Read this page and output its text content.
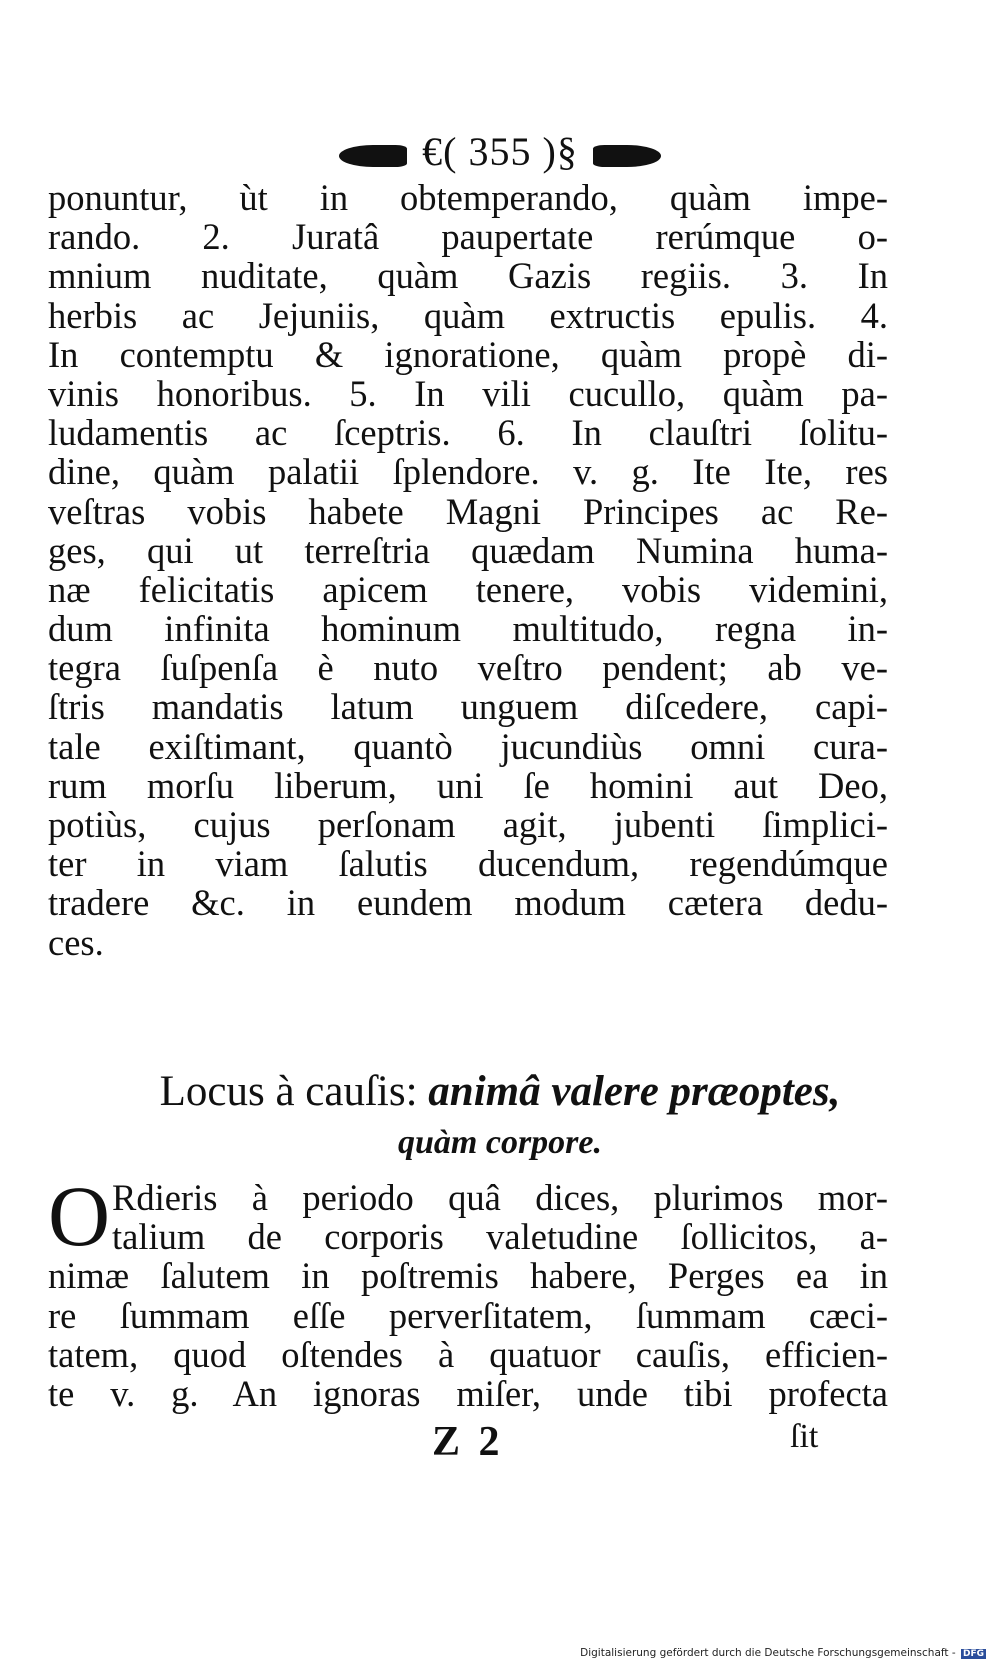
€( 355 )§
ponuntur, ùt in obtemperando, quàm impe-
rando. 2. Juratâ paupertate rerúmque o-
mnium nuditate, quàm Gazis regiis. 3. In
herbis ac Jejuniis, quàm extructis epulis. 4.
In contemptu & ignoratione, quàm propè di-
vinis honoribus. 5. In vili cucullo, quàm pa-
ludamentis ac ſceptris. 6. In clauſtri ſolitu-
dine, quàm palatii ſplendore. v. g. Ite Ite, res
veſtras vobis habete Magni Principes ac Re-
ges, qui ut terreſtria quædam Numina huma-
næ felicitatis apicem tenere, vobis videmini,
dum infinita hominum multitudo, regna in-
tegra ſuſpenſa è nuto veſtro pendent; ab ve-
ſtris mandatis latum unguem diſcedere, capi-
tale exiſtimant, quantò jucundiùs omni cura-
rum morſu liberum, uni ſe homini aut Deo,
potiùs, cujus perſonam agit, jubenti ſimplici-
ter in viam ſalutis ducendum, regendúmque
tradere &c. in eundem modum cætera dedu-
ces.
Locus à cauſis: animâ valere præoptes,
quàm corpore.
O Rdieris à periodo quâ dices, plurimos mor-
talium de corporis valetudine ſollicitos, a-
nimæ ſalutem in poſtremis habere, Perges ea in
re ſummam eſſe perverſitatem, ſummam cæci-
tatem, quod oſtendes à quatuor cauſis, efficien-
te v. g. An ignoras miſer, unde tibi profecta
Z 2	ſit
Digitalisierung gefördert durch die Deutsche Forschungsgemeinschaft - DFG
